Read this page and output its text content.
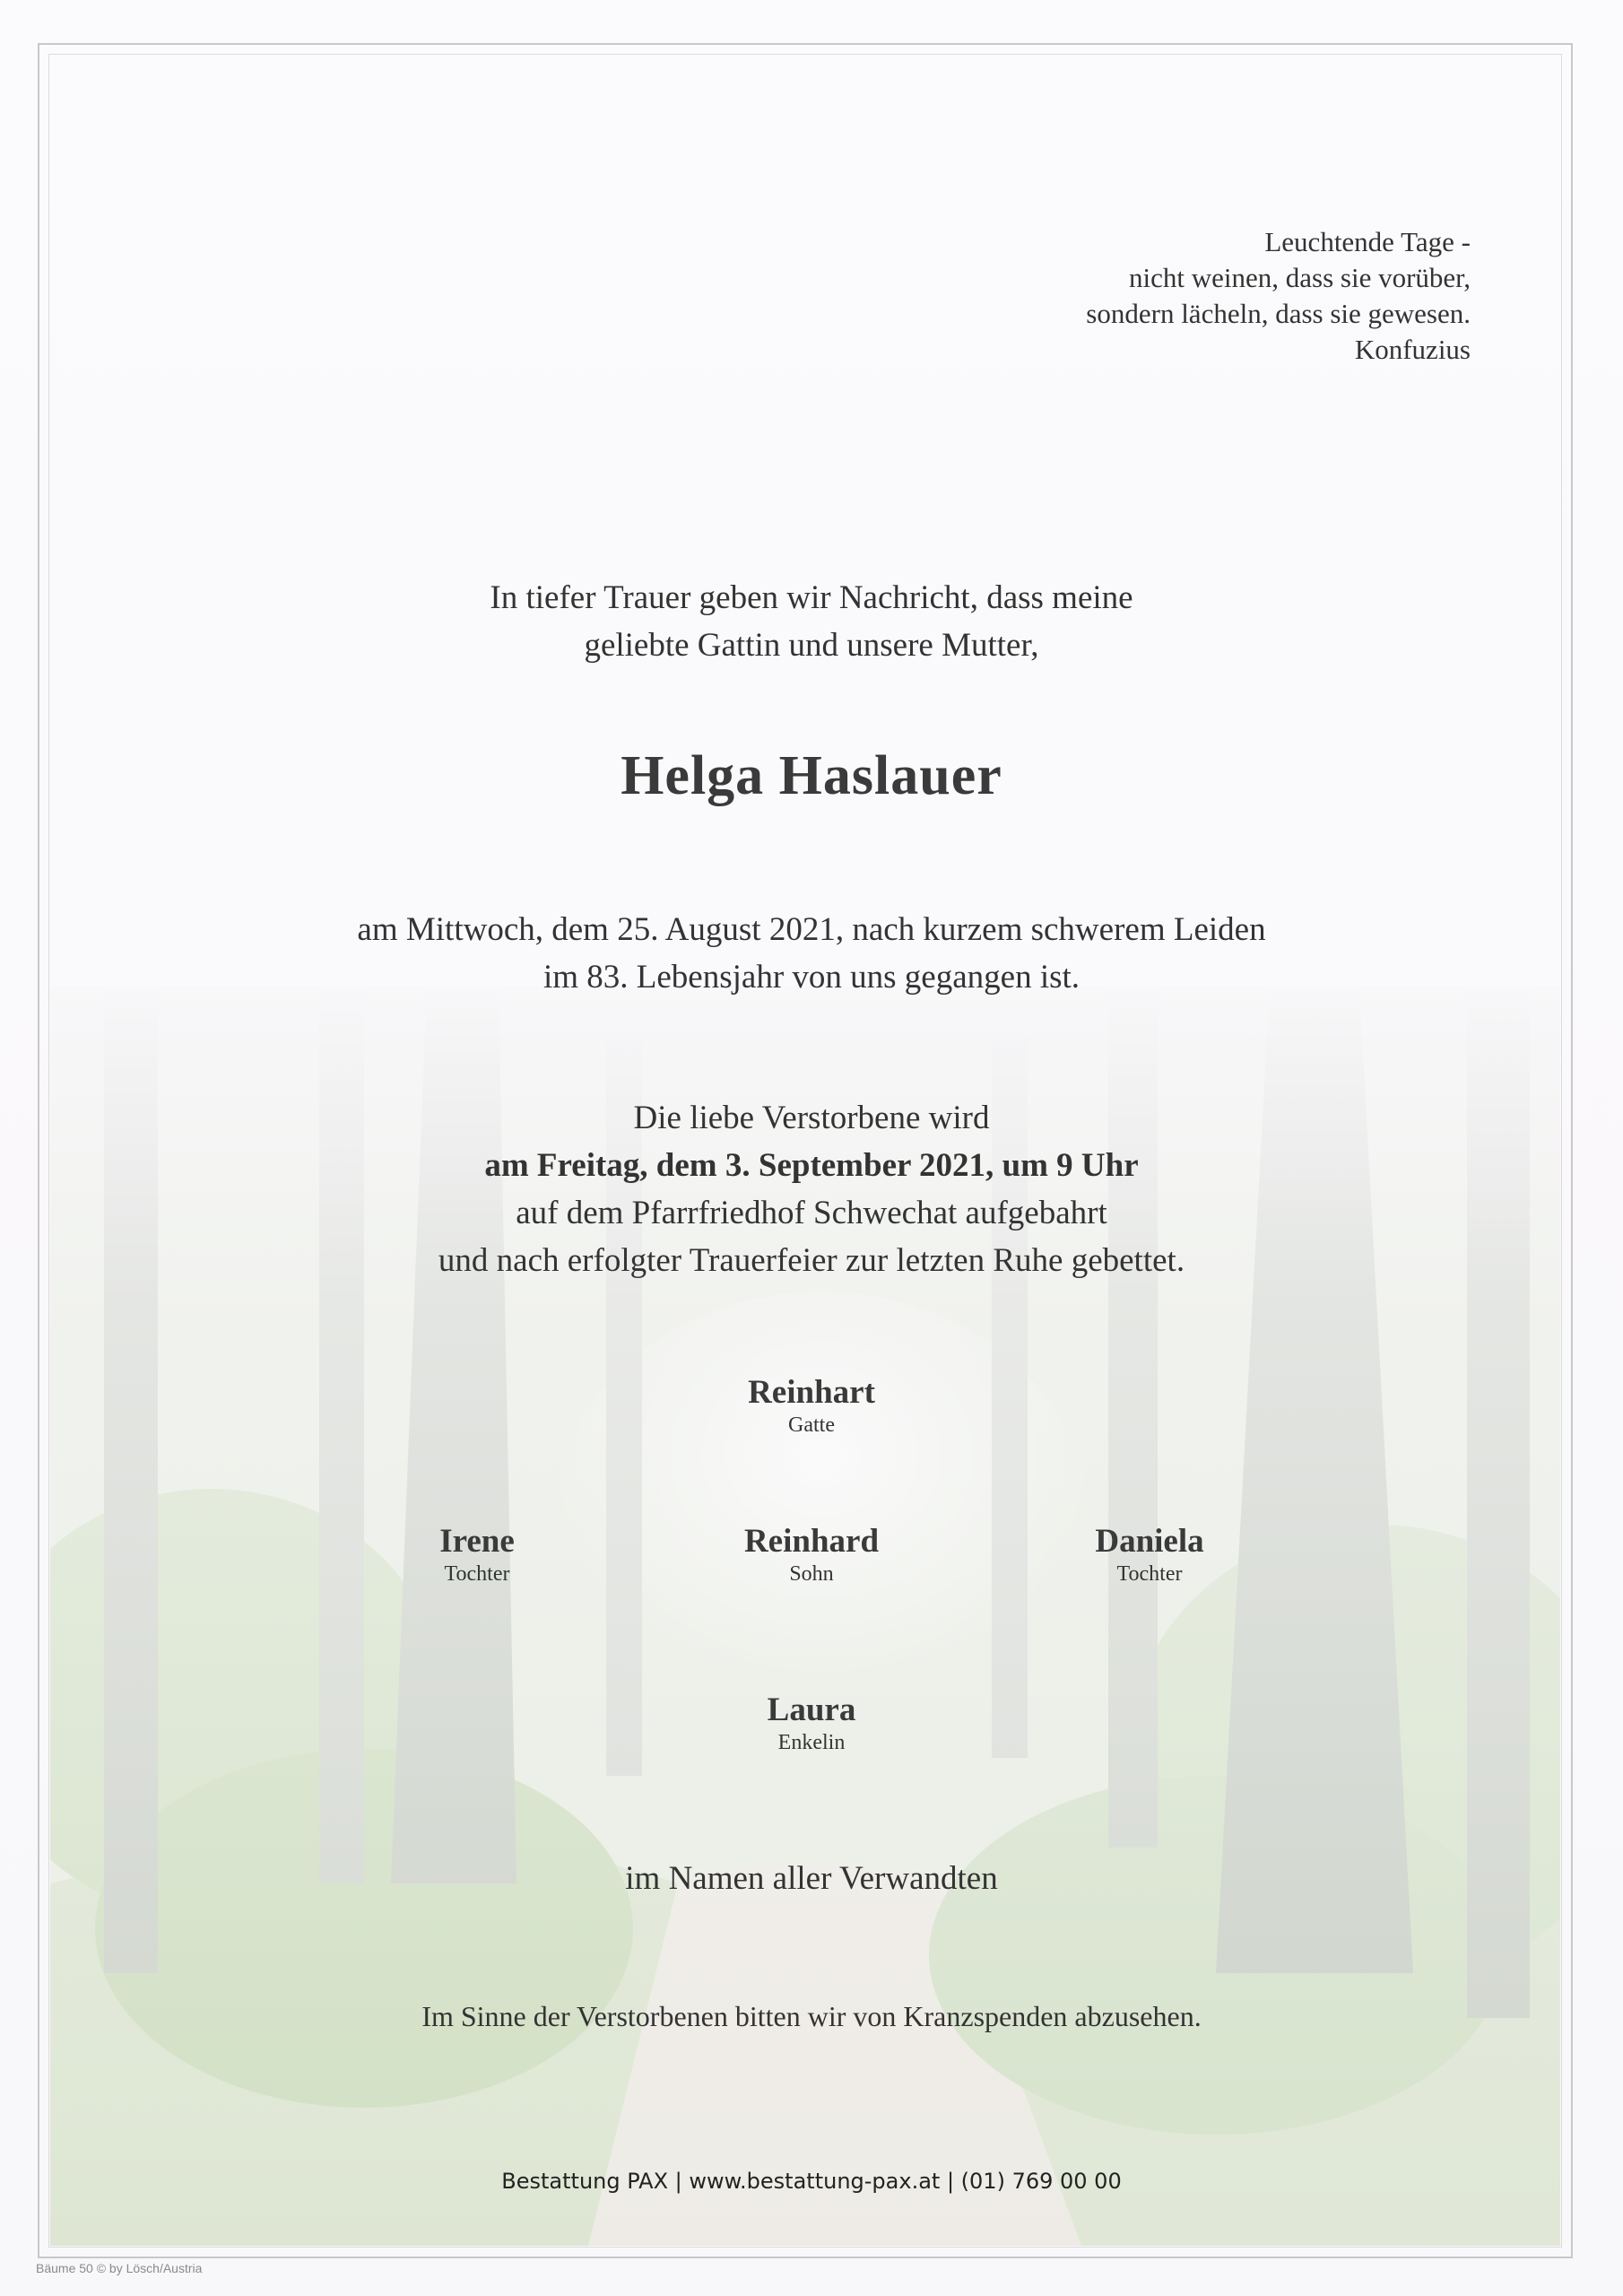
Leuchtende Tage -
nicht weinen, dass sie vorüber,
sondern lächeln, dass sie gewesen.
Konfuzius
In tiefer Trauer geben wir Nachricht, dass meine
geliebte Gattin und unsere Mutter,
Helga Haslauer
am Mittwoch, dem 25. August 2021, nach kurzem schwerem Leiden
im 83. Lebensjahr von uns gegangen ist.
Die liebe Verstorbene wird
am Freitag, dem 3. September 2021, um 9 Uhr
auf dem Pfarrfriedhof Schwechat aufgebahrt
und nach erfolgter Trauerfeier zur letzten Ruhe gebettet.
Reinhart
Gatte
Irene
Tochter
Reinhard
Sohn
Daniela
Tochter
Laura
Enkelin
im Namen aller Verwandten
Im Sinne der Verstorbenen bitten wir von Kranzspenden abzusehen.
Bestattung PAX | www.bestattung-pax.at | (01) 769 00 00
Bäume 50 © by Lösch/Austria
